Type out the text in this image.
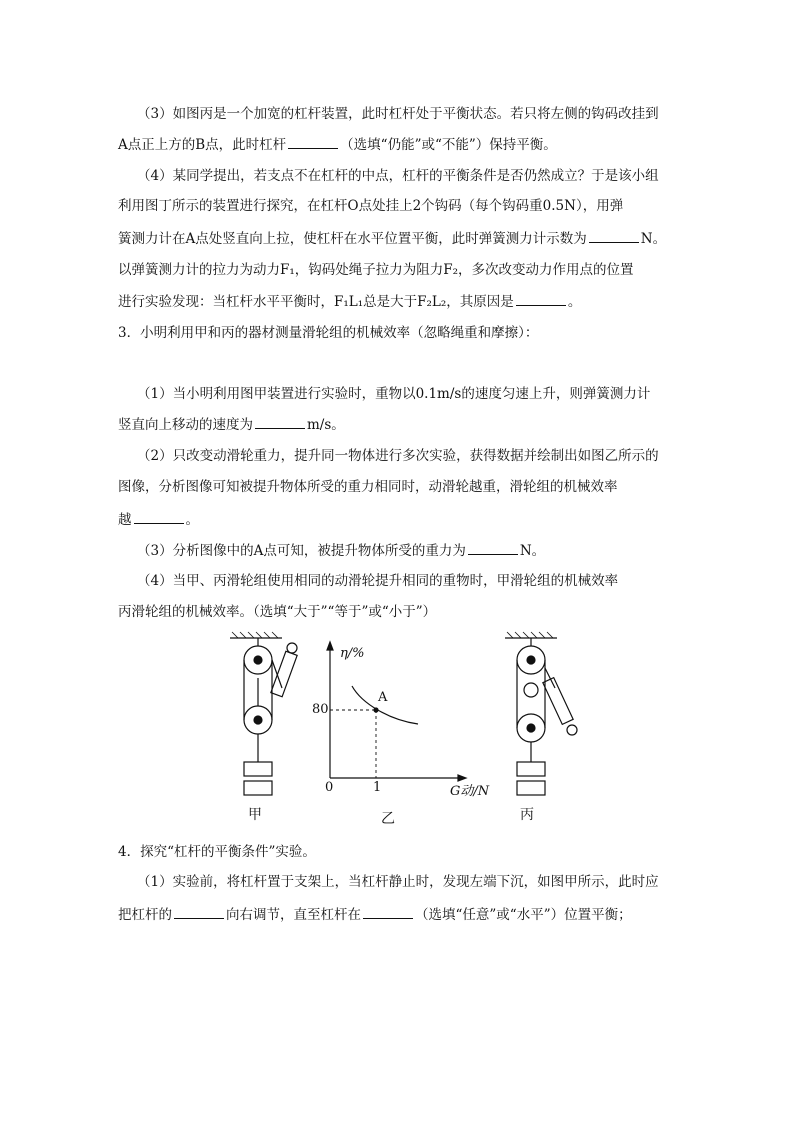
（3）如图丙是一个加宽的杠杆装置，此时杠杆处于平衡状态。若只将左侧的钩码改挂到
A点正上方的B点，此时杠杆	（选填“仍能”或“不能”）保持平衡。
（4）某同学提出，若支点不在杠杆的中点，杠杆的平衡条件是否仍然成立？于是该小组
利用图丁所示的装置进行探究，在杠杆O点处挂上2个钩码（每个钩码重0.5N），用弹
簧测力计在A点处竖直向上拉，使杠杆在水平位置平衡，此时弹簧测力计示数为	N。
以弹簧测力计的拉力为动力F₁，钩码处绳子拉力为阻力F₂，多次改变动力作用点的位置
进行实验发现：当杠杆水平平衡时，F₁L₁总是大于F₂L₂，其原因是	。
3．小明利用甲和丙的器材测量滑轮组的机械效率（忽略绳重和摩擦）：
（1）当小明利用图甲装置进行实验时，重物以0.1m/s的速度匀速上升，则弹簧测力计
竖直向上移动的速度为	m/s。
（2）只改变动滑轮重力，提升同一物体进行多次实验，获得数据并绘制出如图乙所示的
图像，分析图像可知被提升物体所受的重力相同时，动滑轮越重，滑轮组的机械效率
越	。
（3）分析图像中的A点可知，被提升物体所受的重力为	N。
（4）当甲、丙滑轮组使用相同的动滑轮提升相同的重物时，甲滑轮组的机械效率
丙滑轮组的机械效率。（选填“大于”“等于”或“小于”）
甲	乙	丙
η/%
G动/N
0	1
80
A
4．探究“杠杆的平衡条件”实验。
（1）实验前，将杠杆置于支架上，当杠杆静止时，发现左端下沉，如图甲所示，此时应
把杠杆的	向右调节，直至杠杆在	（选填“任意”或“水平”）位置平衡；
